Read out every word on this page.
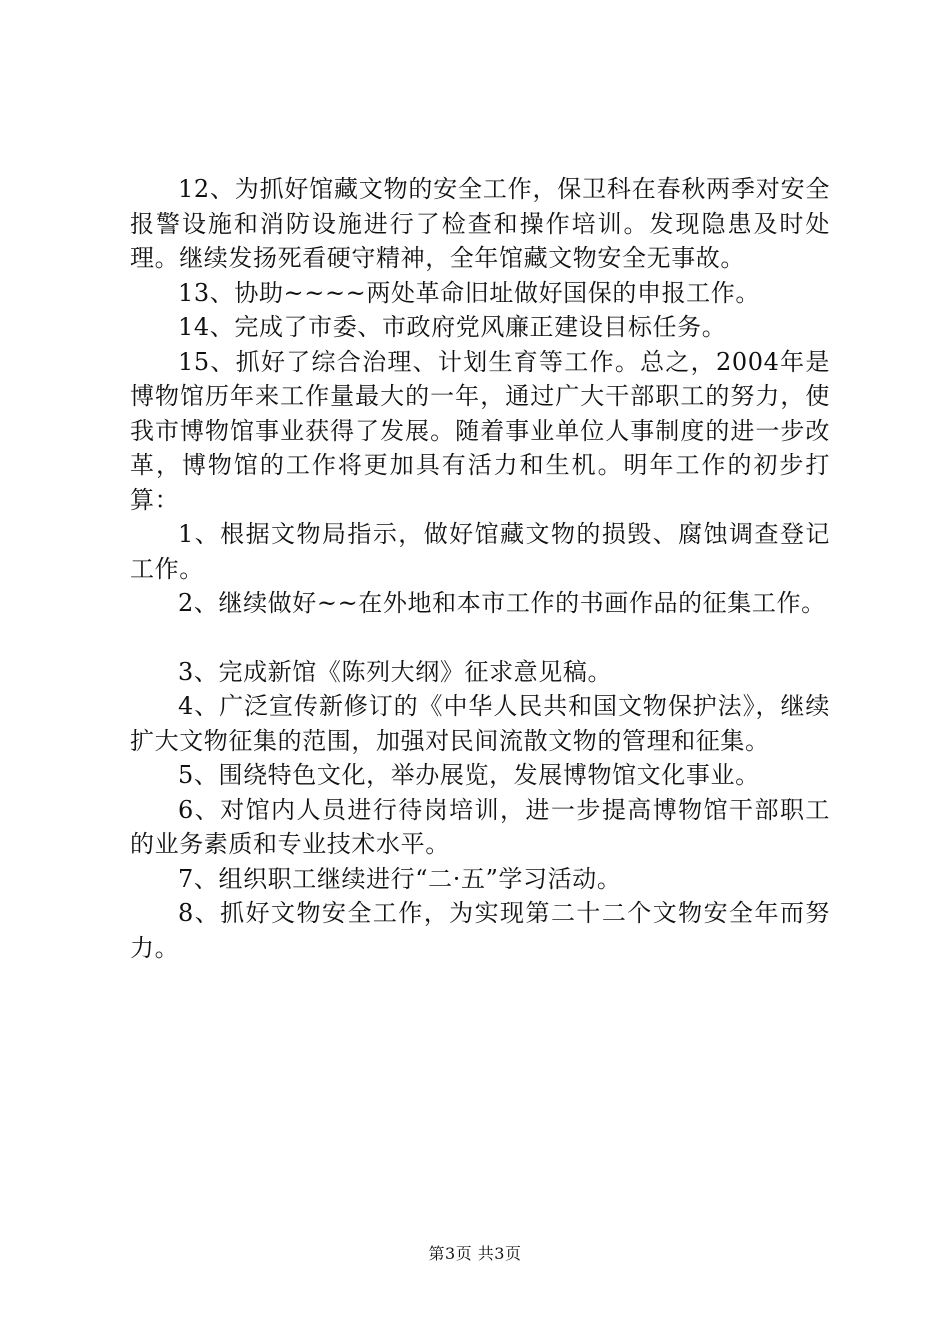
12、为抓好馆藏文物的安全工作，保卫科在春秋两季对安全报警设施和消防设施进行了检查和操作培训。发现隐患及时处理。继续发扬死看硬守精神，全年馆藏文物安全无事故。

13、协助~~~~两处革命旧址做好国保的申报工作。

14、完成了市委、市政府党风廉正建设目标任务。

15、抓好了综合治理、计划生育等工作。总之，2004年是博物馆历年来工作量最大的一年，通过广大干部职工的努力，使我市博物馆事业获得了发展。随着事业单位人事制度的进一步改革，博物馆的工作将更加具有活力和生机。明年工作的初步打算：

1、根据文物局指示，做好馆藏文物的损毁、腐蚀调查登记工作。

2、继续做好~~在外地和本市工作的书画作品的征集工作。

3、完成新馆《陈列大纲》征求意见稿。

4、广泛宣传新修订的《中华人民共和国文物保护法》，继续扩大文物征集的范围，加强对民间流散文物的管理和征集。

5、围绕特色文化，举办展览，发展博物馆文化事业。

6、对馆内人员进行待岗培训，进一步提高博物馆干部职工的业务素质和专业技术水平。

7、组织职工继续进行“二·五”学习活动。

8、抓好文物安全工作，为实现第二十二个文物安全年而努力。

第3页 共3页
